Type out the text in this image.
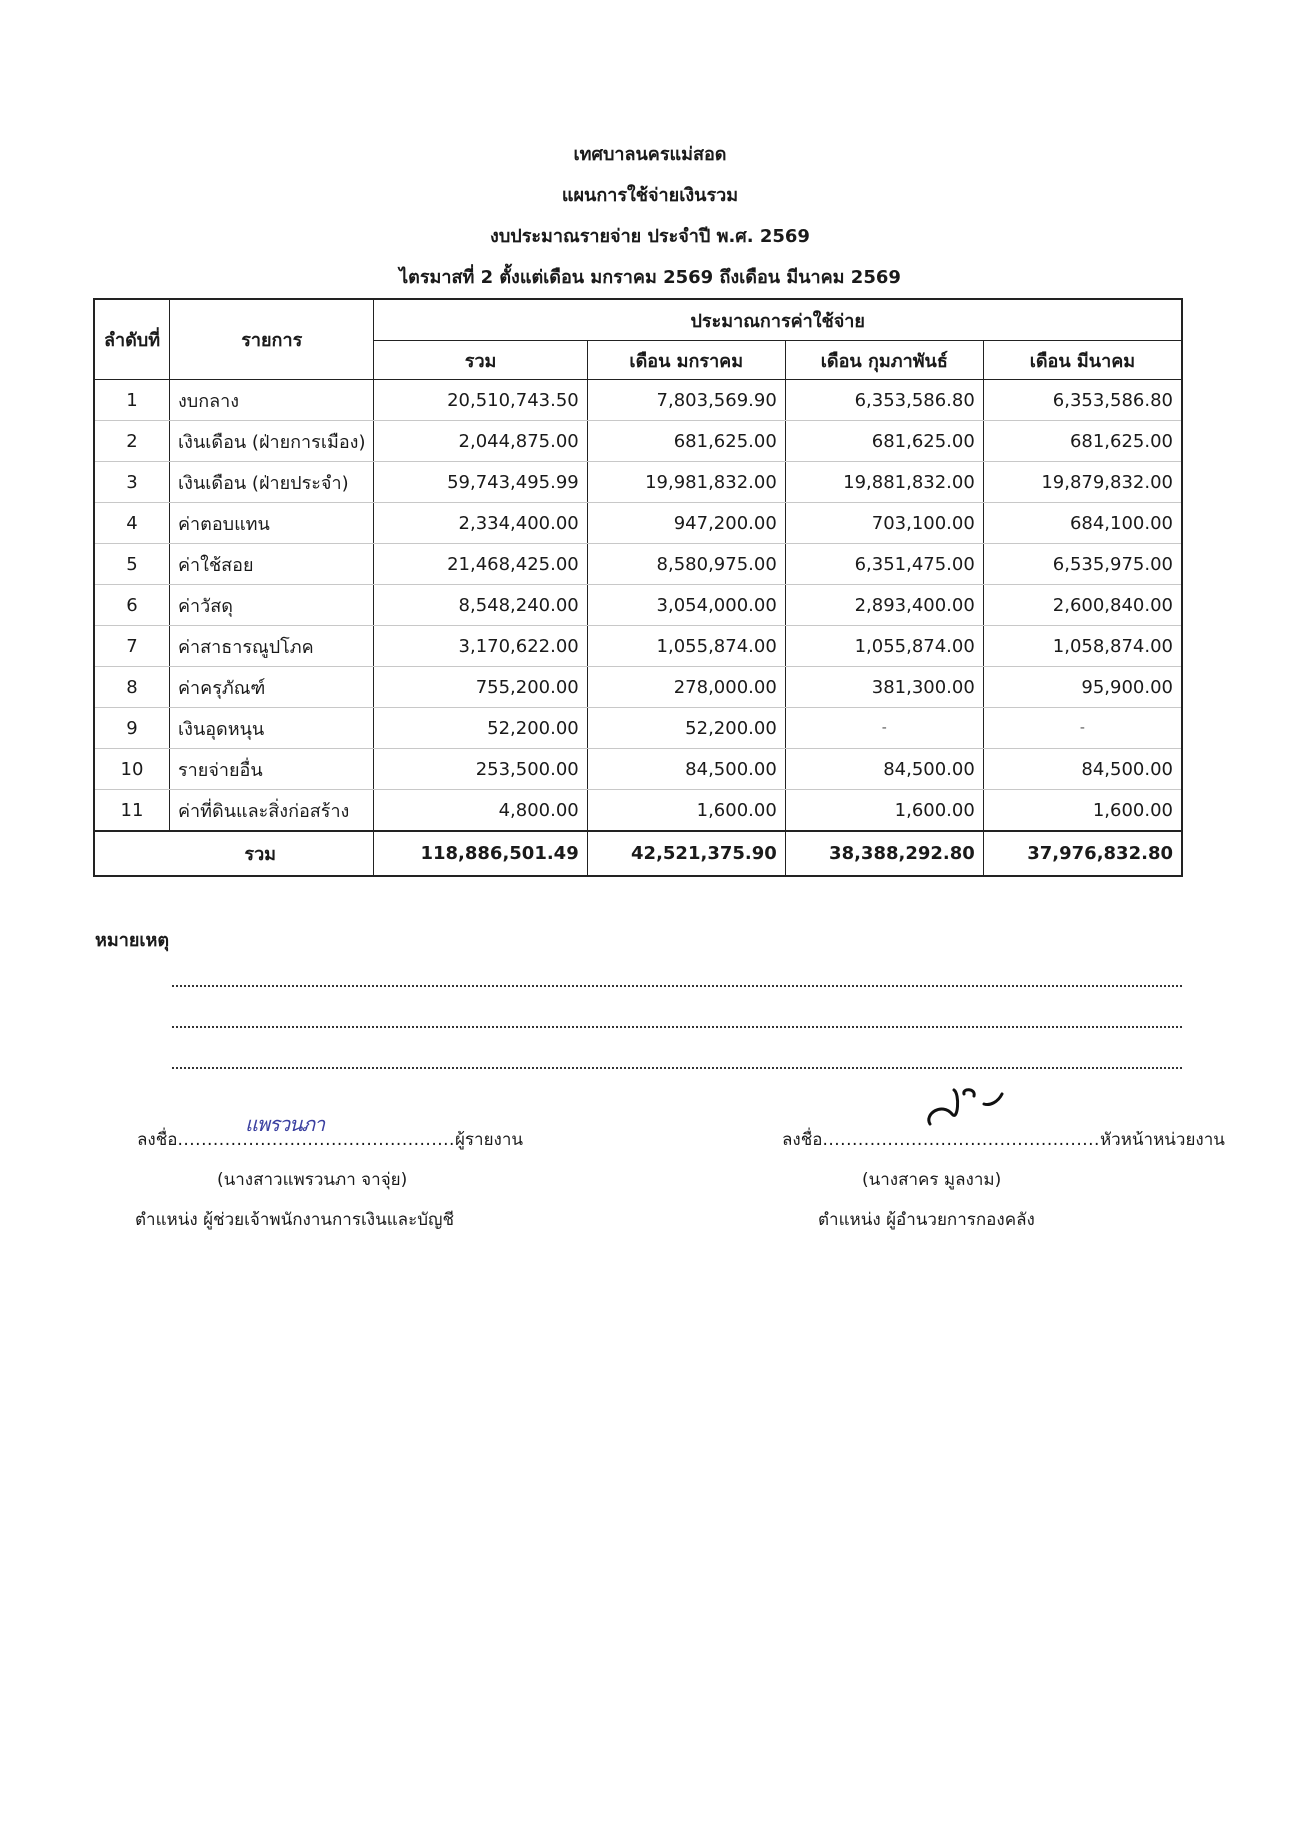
เทศบาลนครแม่สอด
แผนการใช้จ่ายเงินรวม
งบประมาณรายจ่าย ประจำปี พ.ศ. 2569
ไตรมาสที่ 2 ตั้งแต่เดือน มกราคม 2569 ถึงเดือน มีนาคม 2569
ลำดับที่	รายการ	ประมาณการค่าใช้จ่าย			
		รวม	เดือน มกราคม	เดือน กุมภาพันธ์	เดือน มีนาคม
1	งบกลาง	20,510,743.50	7,803,569.90	6,353,586.80	6,353,586.80
2	เงินเดือน (ฝ่ายการเมือง)	2,044,875.00	681,625.00	681,625.00	681,625.00
3	เงินเดือน (ฝ่ายประจำ)	59,743,495.99	19,981,832.00	19,881,832.00	19,879,832.00
4	ค่าตอบแทน	2,334,400.00	947,200.00	703,100.00	684,100.00
5	ค่าใช้สอย	21,468,425.00	8,580,975.00	6,351,475.00	6,535,975.00
6	ค่าวัสดุ	8,548,240.00	3,054,000.00	2,893,400.00	2,600,840.00
7	ค่าสาธารณูปโภค	3,170,622.00	1,055,874.00	1,055,874.00	1,058,874.00
8	ค่าครุภัณฑ์	755,200.00	278,000.00	381,300.00	95,900.00
9	เงินอุดหนุน	52,200.00	52,200.00	-	-
10	รายจ่ายอื่น	253,500.00	84,500.00	84,500.00	84,500.00
11	ค่าที่ดินและสิ่งก่อสร้าง	4,800.00	1,600.00	1,600.00	1,600.00
รวม		118,886,501.49	42,521,375.90	38,388,292.80	37,976,832.80
หมายเหตุ
ลงชื่อ...............................................ผู้รายงาน
แพรวนภา
(นางสาวแพรวนภา จาจุ่ย)
ตำแหน่ง ผู้ช่วยเจ้าพนักงานการเงินและบัญชี
ลงชื่อ...............................................หัวหน้าหน่วยงาน
(นางสาคร มูลงาม)
ตำแหน่ง ผู้อำนวยการกองคลัง
